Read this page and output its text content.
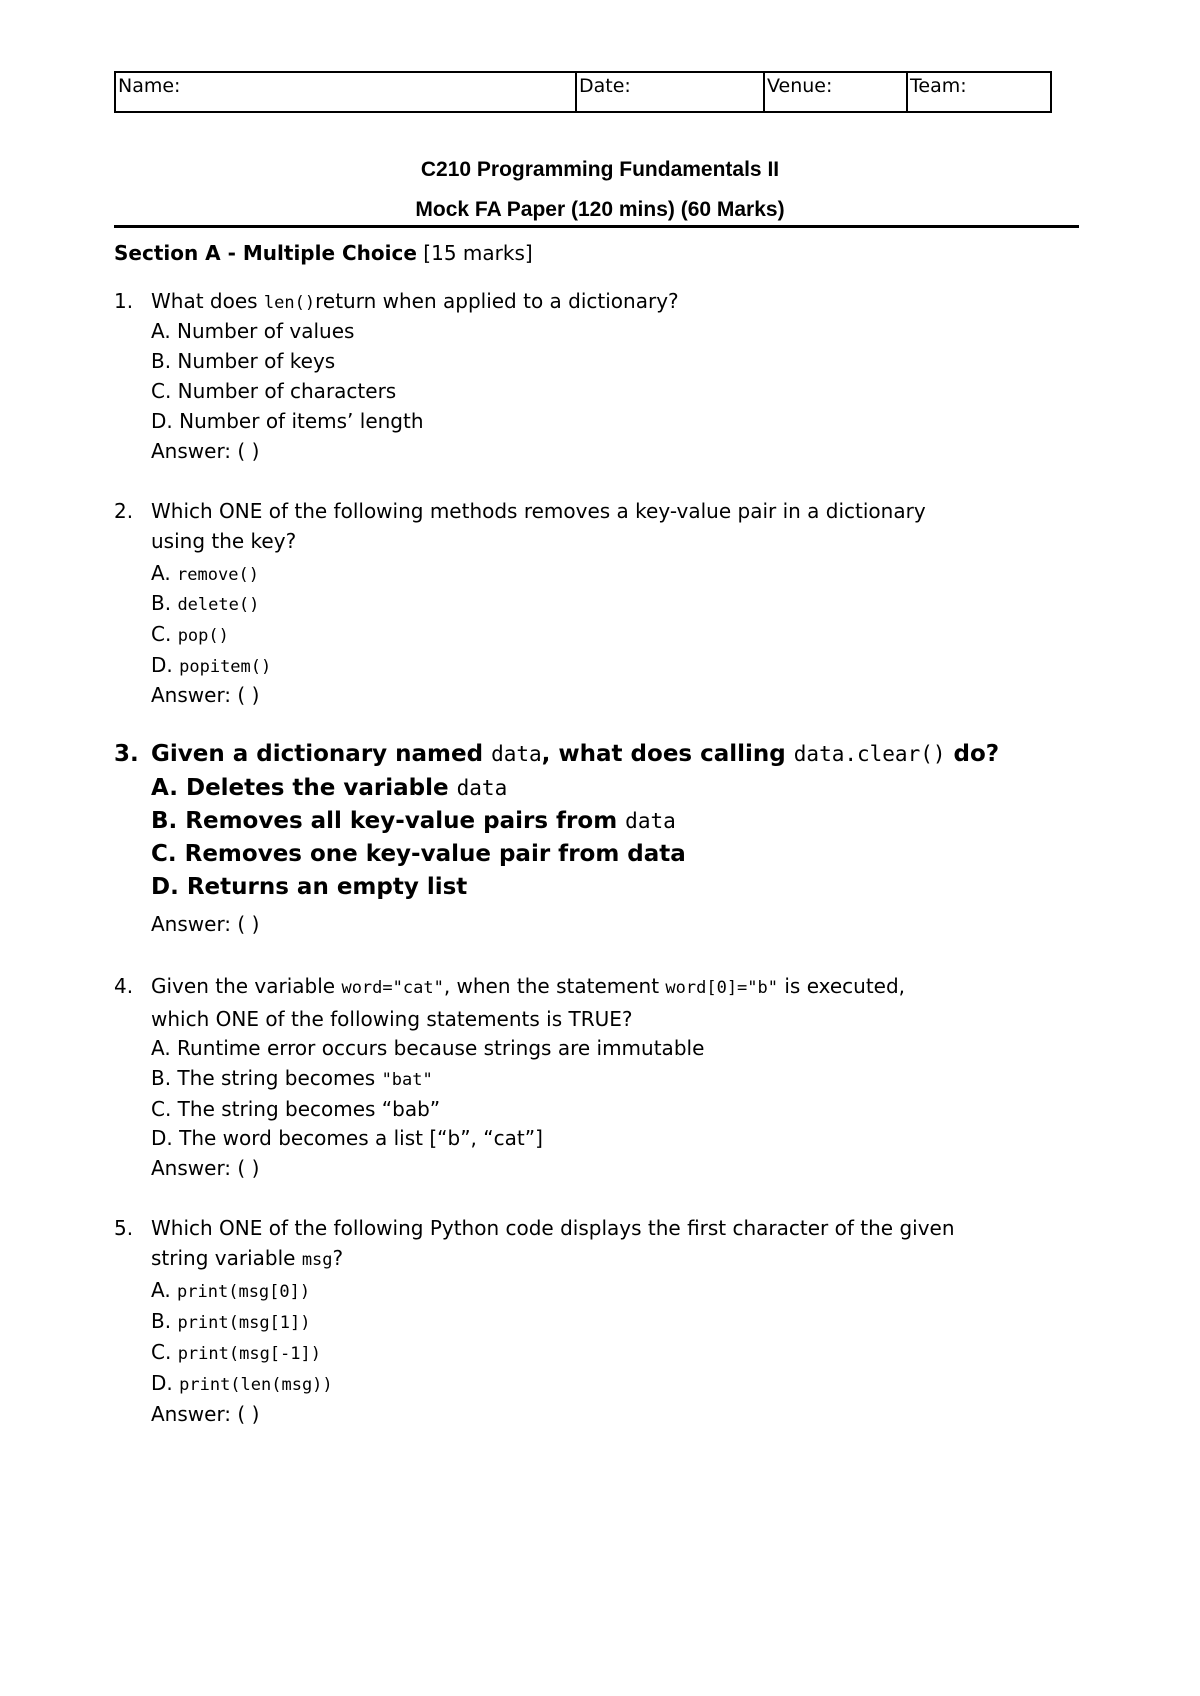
Name:	Date:	Venue:	Team:
C210 Programming Fundamentals II
Mock FA Paper (120 mins) (60 Marks)
Section A - Multiple Choice [15 marks]
1. What does len()return when applied to a dictionary?
A. Number of values
B. Number of keys
C. Number of characters
D. Number of items’ length
Answer: ( )
2. Which ONE of the following methods removes a key-value pair in a dictionary
using the key?
A. remove()
B. delete()
C. pop()
D. popitem()
Answer: ( )
3. Given a dictionary named data, what does calling data.clear() do?
A. Deletes the variable data
B. Removes all key-value pairs from data
C. Removes one key-value pair from data
D. Returns an empty list
Answer: ( )
4. Given the variable word="cat", when the statement word[0]="b" is executed,
which ONE of the following statements is TRUE?
A. Runtime error occurs because strings are immutable
B. The string becomes "bat"
C. The string becomes “bab”
D. The word becomes a list [“b”, “cat”]
Answer: ( )
5. Which ONE of the following Python code displays the first character of the given
string variable msg?
A. print(msg[0])
B. print(msg[1])
C. print(msg[-1])
D. print(len(msg))
Answer: ( )
